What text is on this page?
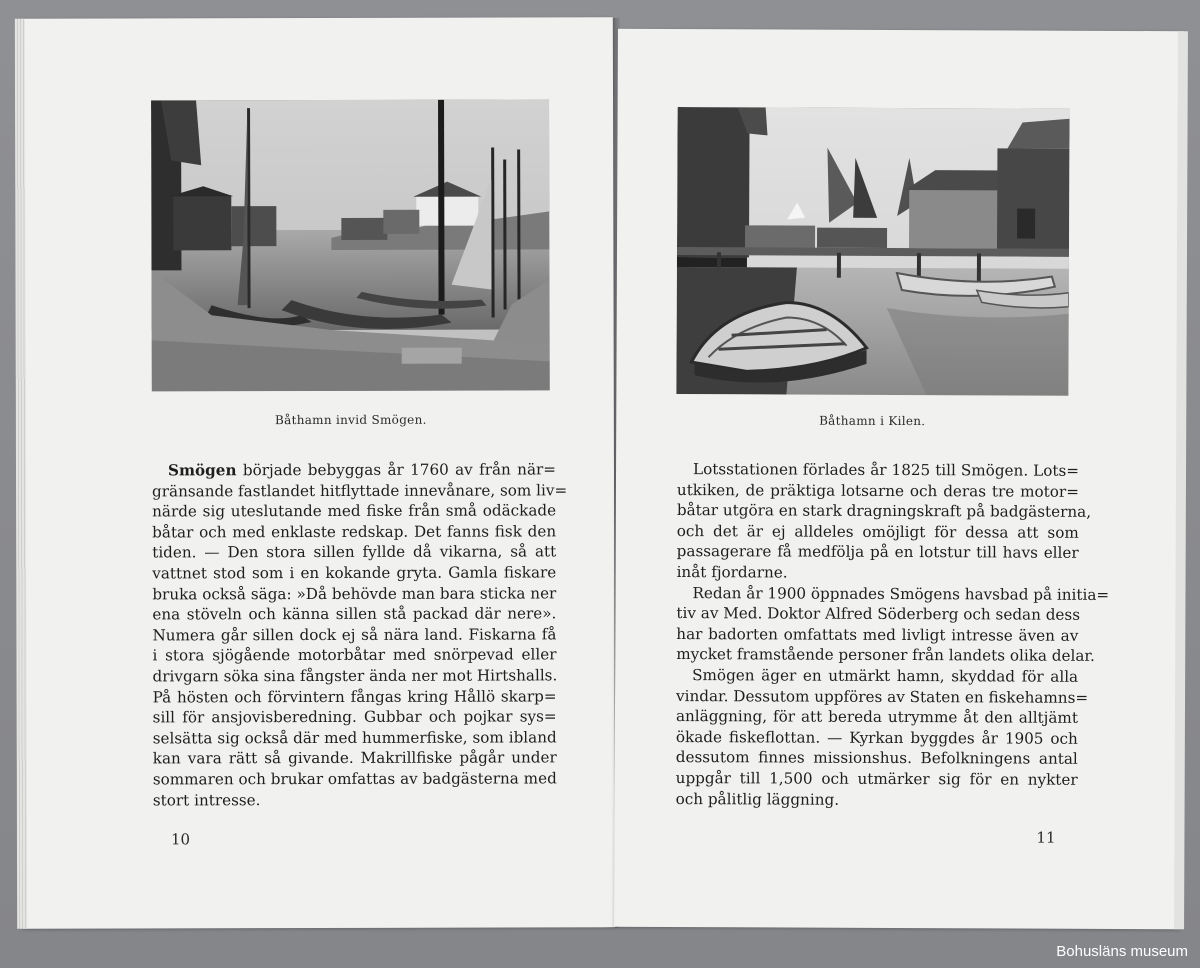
Båthamn invid Smögen.
Smögen började bebyggas år 1760 av från när=
gränsande fastlandet hitflyttade innevånare, som liv=
närde sig uteslutande med fiske från små odäckade
båtar och med enklaste redskap. Det fanns fisk den
tiden. — Den stora sillen fyllde då vikarna, så att
vattnet stod som i en kokande gryta. Gamla fiskare
bruka också säga: »Då behövde man bara sticka ner
ena stöveln och känna sillen stå packad där nere».
Numera går sillen dock ej så nära land. Fiskarna få
i stora sjögående motorbåtar med snörpevad eller
drivgarn söka sina fångster ända ner mot Hirtshalls.
På hösten och förvintern fångas kring Hållö skarp=
sill för ansjovisberedning. Gubbar och pojkar sys=
selsätta sig också där med hummerfiske, som ibland
kan vara rätt så givande. Makrillfiske pågår under
sommaren och brukar omfattas av badgästerna med
stort intresse.
10
Båthamn i Kilen.
Lotsstationen förlades år 1825 till Smögen. Lots=
utkiken, de präktiga lotsarne och deras tre motor=
båtar utgöra en stark dragningskraft på badgästerna,
och det är ej alldeles omöjligt för dessa att som
passagerare få medfölja på en lotstur till havs eller
inåt fjordarne.
Redan år 1900 öppnades Smögens havsbad på initia=
tiv av Med. Doktor Alfred Söderberg och sedan dess
har badorten omfattats med livligt intresse även av
mycket framstående personer från landets olika delar.
Smögen äger en utmärkt hamn, skyddad för alla
vindar. Dessutom uppföres av Staten en fiskehamns=
anläggning, för att bereda utrymme åt den alltjämt
ökade fiskeflottan. — Kyrkan byggdes år 1905 och
dessutom finnes missionshus. Befolkningens antal
uppgår till 1,500 och utmärker sig för en nykter
och pålitlig läggning.
11
Bohusläns museum
